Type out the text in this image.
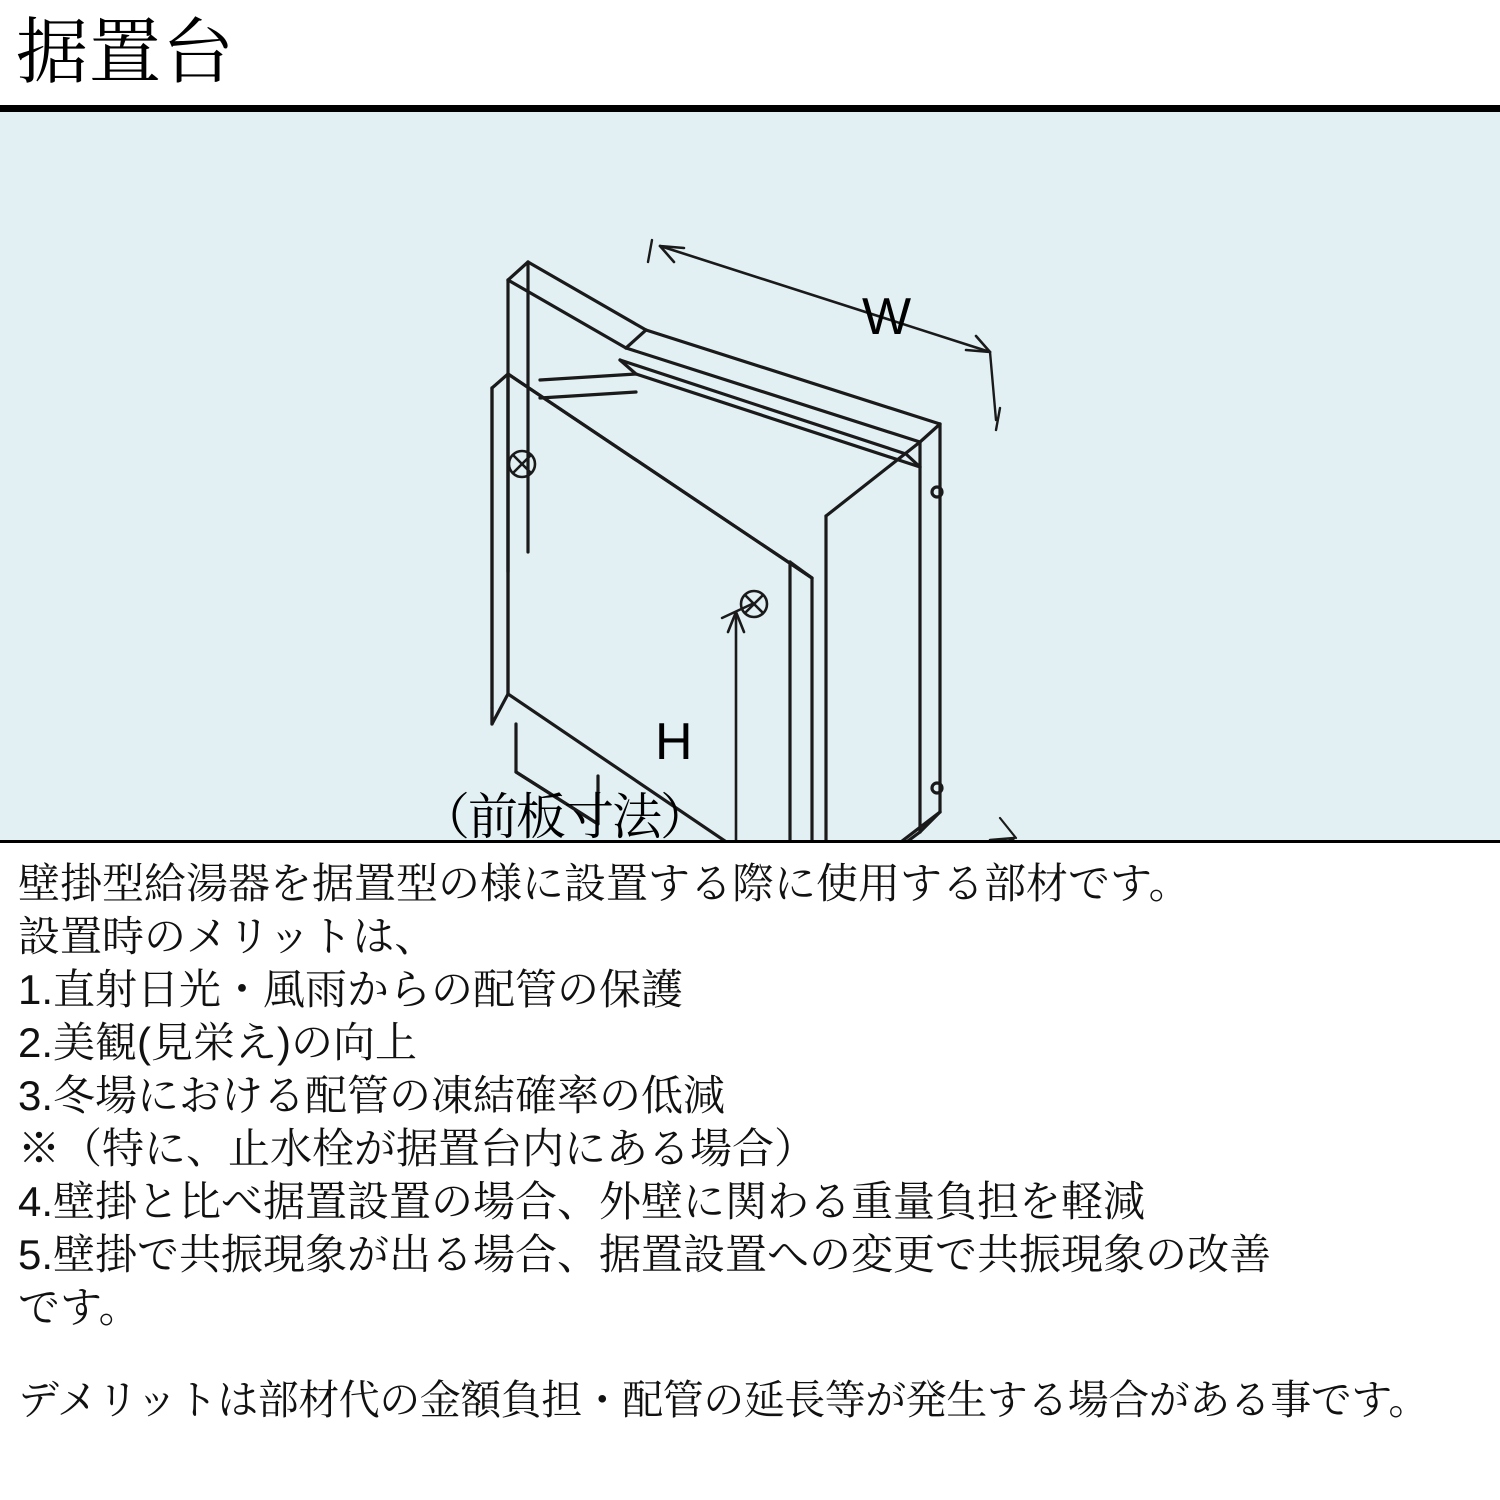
据置台
W
H
（前板寸法）
壁掛型給湯器を据置型の様に設置する際に使用する部材です。
設置時のメリットは、
1.直射日光・風雨からの配管の保護
2.美観(見栄え)の向上
3.冬場における配管の凍結確率の低減
※（特に、止水栓が据置台内にある場合）
4.壁掛と比べ据置設置の場合、外壁に関わる重量負担を軽減
5.壁掛で共振現象が出る場合、据置設置への変更で共振現象の改善
です。
デメリットは部材代の金額負担・配管の延長等が発生する場合がある事です。
